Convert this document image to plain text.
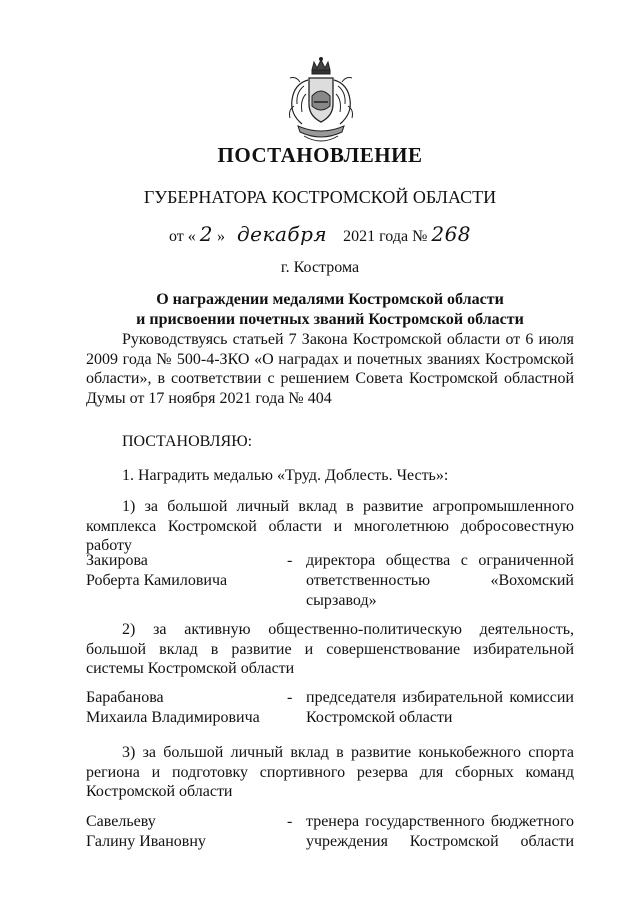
ПОСТАНОВЛЕНИЕ
ГУБЕРНАТОРА КОСТРОМСКОЙ ОБЛАСТИ
от « 2 » декабря 2021 года № 268
г. Кострома
О награждении медалями Костромской области
и присвоении почетных званий Костромской области

Руководствуясь статьей 7 Закона Костромской области от 6 июля 2009 года № 500-4-ЗКО «О наградах и почетных званиях Костромской области», в соответствии с решением Совета Костромской областной Думы от 17 ноября 2021 года № 404

ПОСТАНОВЛЯЮ:
1. Наградить медалью «Труд. Доблесть. Честь»:

1) за большой личный вклад в развитие агропромышленного комплекса Костромской области и многолетнюю добросовестную работу

Закирова
Роберта Камиловича
- директора общества с ограниченной
ответственностью «Вохомский
сырзавод»

2) за активную общественно-политическую деятельность, большой вклад в развитие и совершенствование избирательной системы Костромской области

Барабанова
Михаила Владимировича
- председателя избирательной комиссии
Костромской области

3) за большой личный вклад в развитие конькобежного спорта региона и подготовку спортивного резерва для сборных команд Костромской области

Савельеву
Галину Ивановну
- тренера государственного бюджетного
учреждения Костромской области
